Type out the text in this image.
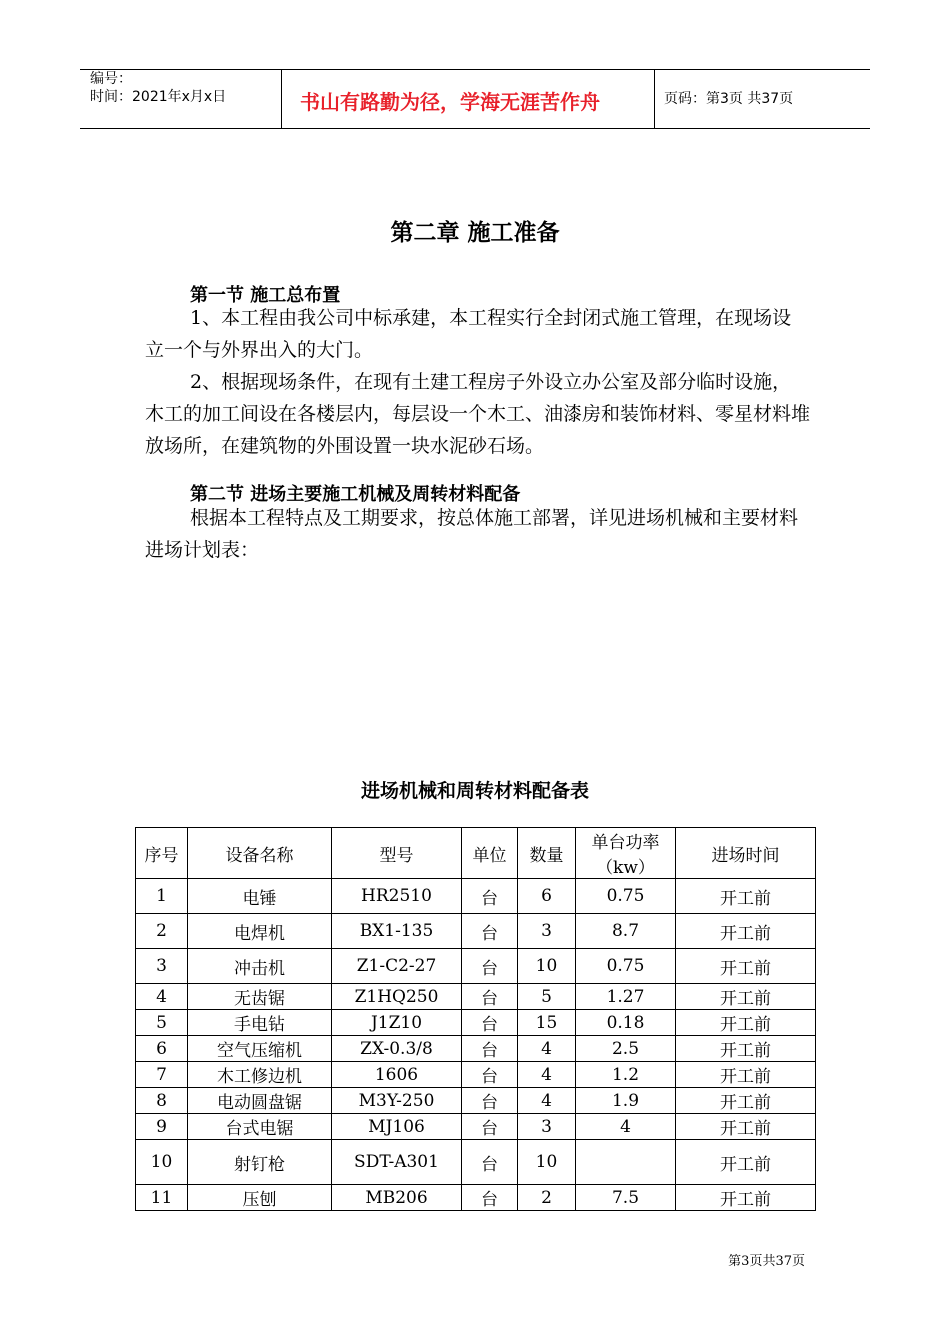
编号：
时间：2021年x月x日	书山有路勤为径，学海无涯苦作舟	页码：第3页 共37页
第二章 施工准备
第一节 施工总布置

1、本工程由我公司中标承建，本工程实行全封闭式施工管理，在现场设立一个与外界出入的大门。

2、根据现场条件，在现有土建工程房子外设立办公室及部分临时设施，木工的加工间设在各楼层内，每层设一个木工、油漆房和装饰材料、零星材料堆放场所，在建筑物的外围设置一块水泥砂石场。

第二节 进场主要施工机械及周转材料配备

根据本工程特点及工期要求，按总体施工部署，详见进场机械和主要材料进场计划表：

进场机械和周转材料配备表
序号	设备名称	型号	单位	数量	单台功率（kw）	进场时间
1	电锤	HR2510	台	6	0.75	开工前
2	电焊机	BX1-135	台	3	8.7	开工前
3	冲击机	Z1-C2-27	台	10	0.75	开工前
4	无齿锯	Z1HQ250	台	5	1.27	开工前
5	手电钻	J1Z10	台	15	0.18	开工前
6	空气压缩机	ZX-0.3/8	台	4	2.5	开工前
7	木工修边机	1606	台	4	1.2	开工前
8	电动圆盘锯	M3Y-250	台	4	1.9	开工前
9	台式电锯	MJ106	台	3	4	开工前
10	射钉枪	SDT-A301	台	10		开工前
11	压刨	MB206	台	2	7.5	开工前
第3页共37页
